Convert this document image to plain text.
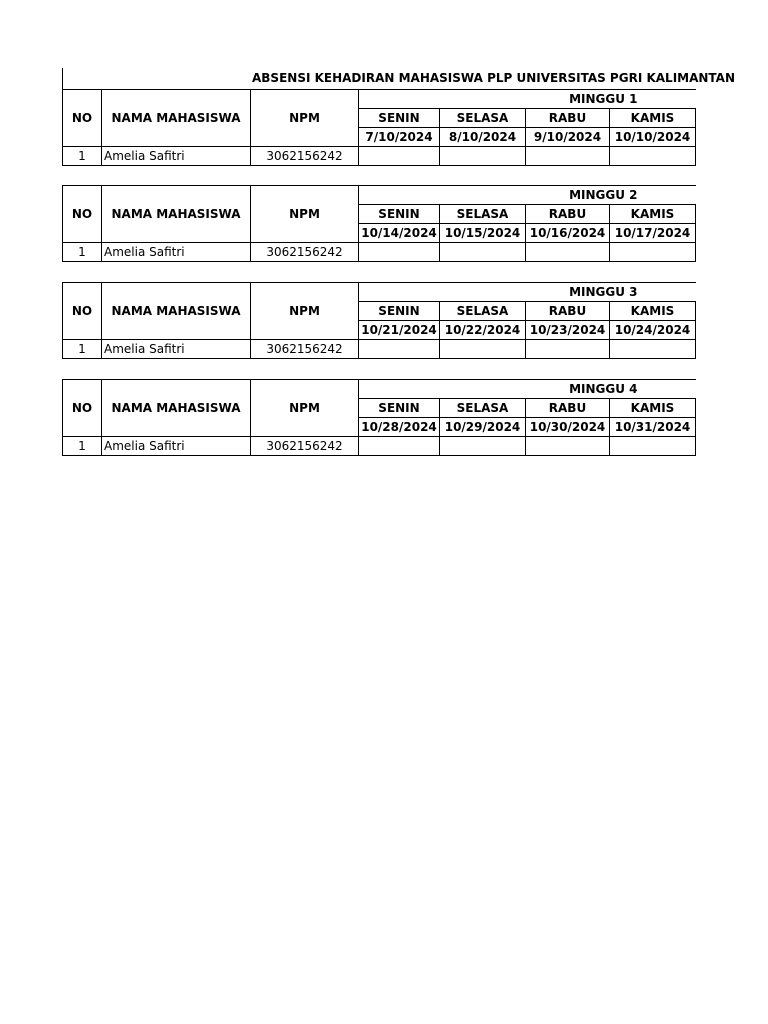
ABSENSI KEHADIRAN MAHASISWA PLP UNIVERSITAS PGRI KALIMANTAN
NO	NAMA MAHASISWA	NPM	MINGGU 1			
			SENIN	SELASA	RABU	KAMIS
			7/10/2024	8/10/2024	9/10/2024	10/10/2024
1	Amelia Safitri	3062156242				
NO	NAMA MAHASISWA	NPM	MINGGU 2			
			SENIN	SELASA	RABU	KAMIS
			10/14/2024	10/15/2024	10/16/2024	10/17/2024
1	Amelia Safitri	3062156242				
NO	NAMA MAHASISWA	NPM	MINGGU 3			
			SENIN	SELASA	RABU	KAMIS
			10/21/2024	10/22/2024	10/23/2024	10/24/2024
1	Amelia Safitri	3062156242				
NO	NAMA MAHASISWA	NPM	MINGGU 4			
			SENIN	SELASA	RABU	KAMIS
			10/28/2024	10/29/2024	10/30/2024	10/31/2024
1	Amelia Safitri	3062156242				
